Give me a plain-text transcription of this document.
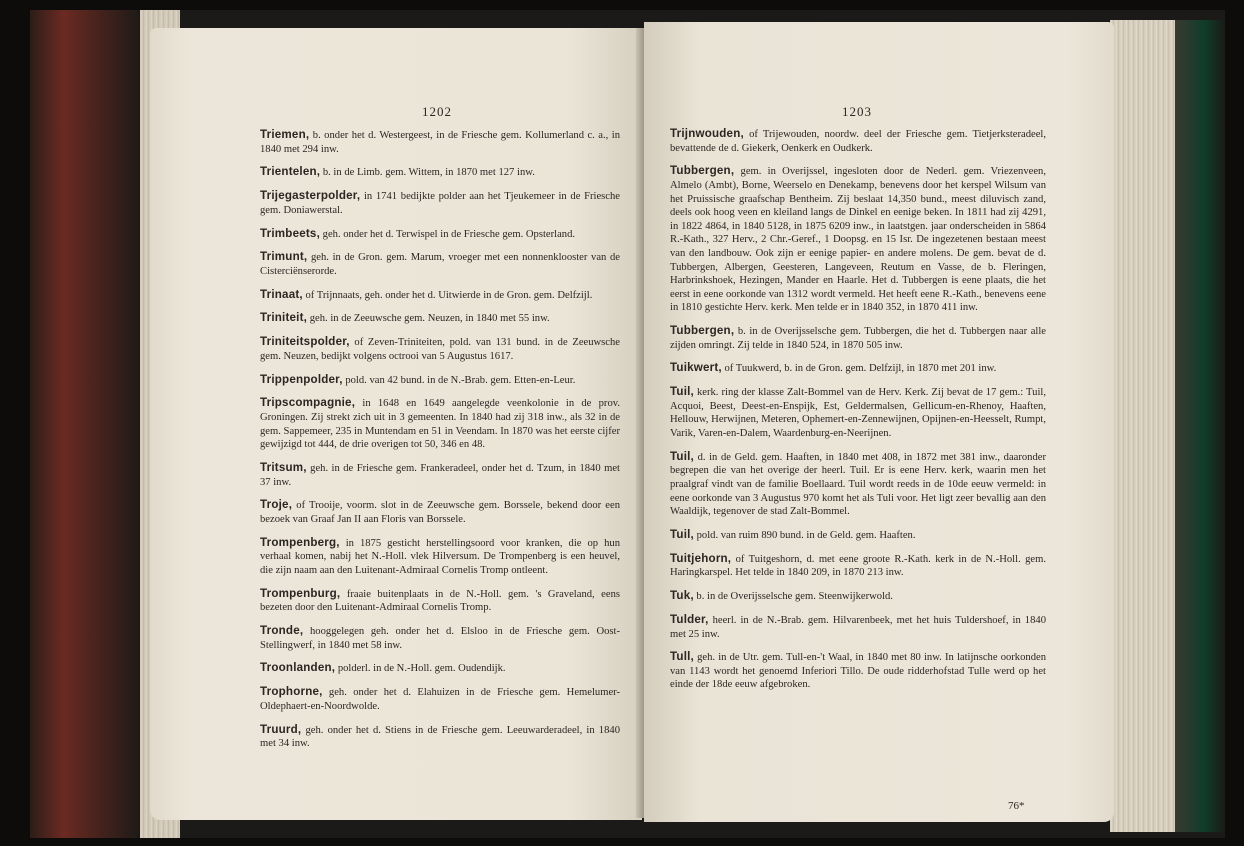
1202
Triemen, b. onder het d. Westergeest, in de Friesche gem. Kollumerland c. a., in 1840 met 294 inw.
Trientelen, b. in de Limb. gem. Wittem, in 1870 met 127 inw.
Trijegasterpolder, in 1741 bedijkte polder aan het Tjeukemeer in de Friesche gem. Doniawerstal.
Trimbeets, geh. onder het d. Terwispel in de Friesche gem. Opsterland.
Trimunt, geh. in de Gron. gem. Marum, vroeger met een nonnenklooster van de Cisterciënserorde.
Trinaat, of Trijnnaats, geh. onder het d. Uitwierde in de Gron. gem. Delfzijl.
Triniteit, geh. in de Zeeuwsche gem. Neuzen, in 1840 met 55 inw.
Triniteitspolder, of Zeven-Triniteiten, pold. van 131 bund. in de Zeeuwsche gem. Neuzen, bedijkt volgens octrooi van 5 Augustus 1617.
Trippenpolder, pold. van 42 bund. in de N.-Brab. gem. Etten-en-Leur.
Tripscompagnie, in 1648 en 1649 aangelegde veenkolonie in de prov. Groningen. Zij strekt zich uit in 3 gemeenten. In 1840 had zij 318 inw., als 32 in de gem. Sappemeer, 235 in Muntendam en 51 in Veendam. In 1870 was het eerste cijfer gewijzigd tot 444, de drie overigen tot 50, 346 en 48.
Tritsum, geh. in de Friesche gem. Frankeradeel, onder het d. Tzum, in 1840 met 37 inw.
Troje, of Trooije, voorm. slot in de Zeeuwsche gem. Borssele, bekend door een bezoek van Graaf Jan II aan Floris van Borssele.
Trompenberg, in 1875 gesticht herstellingsoord voor kranken, die op hun verhaal komen, nabij het N.-Holl. vlek Hilversum. De Trompenberg is een heuvel, die zijn naam aan den Luitenant-Admiraal Cornelis Tromp ontleent.
Trompenburg, fraaie buitenplaats in de N.-Holl. gem. 's Graveland, eens bezeten door den Luitenant-Admiraal Cornelis Tromp.
Tronde, hooggelegen geh. onder het d. Elsloo in de Friesche gem. Oost-Stellingwerf, in 1840 met 58 inw.
Troonlanden, polderl. in de N.-Holl. gem. Oudendijk.
Trophorne, geh. onder het d. Elahuizen in de Friesche gem. Hemelumer-Oldephaert-en-Noordwolde.
Truurd, geh. onder het d. Stiens in de Friesche gem. Leeuwarderadeel, in 1840 met 34 inw.
1203
Trijnwouden, of Trijewouden, noordw. deel der Friesche gem. Tietjerksteradeel, bevattende de d. Giekerk, Oenkerk en Oudkerk.
Tubbergen, gem. in Overijssel, ingesloten door de Nederl. gem. Vriezenveen, Almelo (Ambt), Borne, Weerselo en Denekamp, benevens door het kerspel Wilsum van het Pruissische graafschap Bentheim. Zij beslaat 14,350 bund., meest diluvisch zand, deels ook hoog veen en kleiland langs de Dinkel en eenige beken. In 1811 had zij 4291, in 1822 4864, in 1840 5128, in 1875 6209 inw., in laatstgen. jaar onderscheiden in 5864 R.-Kath., 327 Herv., 2 Chr.-Geref., 1 Doopsg. en 15 Isr. De ingezetenen bestaan meest van den landbouw. Ook zijn er eenige papier- en andere molens. De gem. bevat de d. Tubbergen, Albergen, Geesteren, Langeveen, Reutum en Vasse, de b. Fleringen, Harbrinkshoek, Hezingen, Mander en Haarle. Het d. Tubbergen is eene plaats, die het eerst in eene oorkonde van 1312 wordt vermeld. Het heeft eene R.-Kath., benevens eene in 1810 gestichte Herv. kerk. Men telde er in 1840 352, in 1870 411 inw.
Tubbergen, b. in de Overijsselsche gem. Tubbergen, die het d. Tubbergen naar alle zijden omringt. Zij telde in 1840 524, in 1870 505 inw.
Tuikwert, of Tuukwerd, b. in de Gron. gem. Delfzijl, in 1870 met 201 inw.
Tuil, kerk. ring der klasse Zalt-Bommel van de Herv. Kerk. Zij bevat de 17 gem.: Tuil, Acquoi, Beest, Deest-en-Enspijk, Est, Geldermalsen, Gellicum-en-Rhenoy, Haaften, Hellouw, Herwijnen, Meteren, Ophemert-en-Zennewijnen, Opijnen-en-Heesselt, Rumpt, Varik, Varen-en-Dalem, Waardenburg-en-Neerijnen.
Tuil, d. in de Geld. gem. Haaften, in 1840 met 408, in 1872 met 381 inw., daaronder begrepen die van het overige der heerl. Tuil. Er is eene Herv. kerk, waarin men het praalgraf vindt van de familie Boellaard. Tuil wordt reeds in de 10de eeuw vermeld: in eene oorkonde van 3 Augustus 970 komt het als Tuli voor. Het ligt zeer bevallig aan den Waaldijk, tegenover de stad Zalt-Bommel.
Tuil, pold. van ruim 890 bund. in de Geld. gem. Haaften.
Tuitjehorn, of Tuitgeshorn, d. met eene groote R.-Kath. kerk in de N.-Holl. gem. Haringkarspel. Het telde in 1840 209, in 1870 213 inw.
Tuk, b. in de Overijsselsche gem. Steenwijkerwold.
Tulder, heerl. in de N.-Brab. gem. Hilvarenbeek, met het huis Tuldershoef, in 1840 met 25 inw.
Tull, geh. in de Utr. gem. Tull-en-'t Waal, in 1840 met 80 inw. In latijnsche oorkonden van 1143 wordt het genoemd Inferiori Tillo. De oude ridderhofstad Tulle werd op het einde der 18de eeuw afgebroken.
76*
